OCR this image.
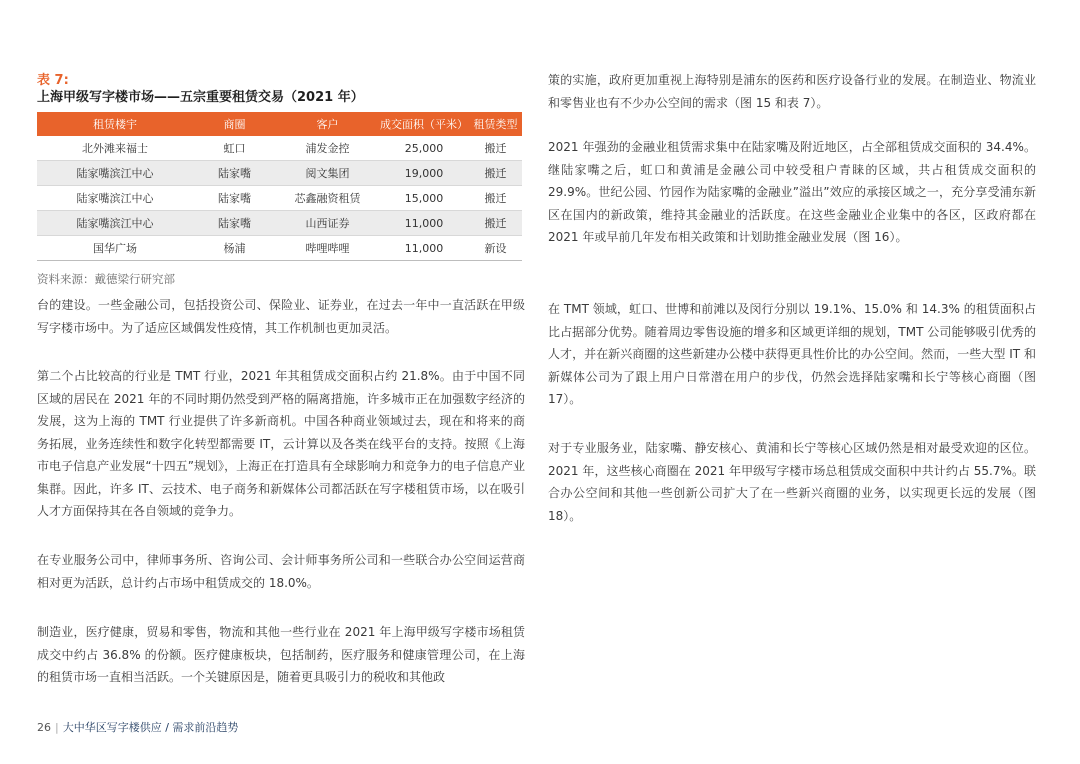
表 7:
上海甲级写字楼市场——五宗重要租赁交易（2021 年）
租赁楼宇	商圈	客户	成交面积（平米）	租赁类型
北外滩来福士	虹口	浦发金控	25,000	搬迁
陆家嘴滨江中心	陆家嘴	阅文集团	19,000	搬迁
陆家嘴滨江中心	陆家嘴	芯鑫融资租赁	15,000	搬迁
陆家嘴滨江中心	陆家嘴	山西证券	11,000	搬迁
国华广场	杨浦	哔哩哔哩	11,000	新设
资料来源：戴德梁行研究部

台的建设。一些金融公司，包括投资公司、保险业、证券业，在过去一年中一直活跃在甲级写字楼市场中。为了适应区域偶发性疫情，其工作机制也更加灵活。

第二个占比较高的行业是 TMT 行业，2021 年其租赁成交面积占约 21.8%。由于中国不同区域的居民在 2021 年的不同时期仍然受到严格的隔离措施，许多城市正在加强数字经济的发展，这为上海的 TMT 行业提供了许多新商机。中国各种商业领域过去，现在和将来的商务拓展，业务连续性和数字化转型都需要 IT，云计算以及各类在线平台的支持。按照《上海市电子信息产业发展“十四五”规划》，上海正在打造具有全球影响力和竞争力的电子信息产业集群。因此，许多 IT、云技术、电子商务和新媒体公司都活跃在写字楼租赁市场，以在吸引人才方面保持其在各自领域的竞争力。

在专业服务公司中，律师事务所、咨询公司、会计师事务所公司和一些联合办公空间运营商相对更为活跃，总计约占市场中租赁成交的 18.0%。

制造业，医疗健康，贸易和零售，物流和其他一些行业在 2021 年上海甲级写字楼市场租赁成交中约占 36.8% 的份额。医疗健康板块，包括制药，医疗服务和健康管理公司，在上海的租赁市场一直相当活跃。一个关键原因是，随着更具吸引力的税收和其他政

策的实施，政府更加重视上海特别是浦东的医药和医疗设备行业的发展。在制造业、物流业和零售业也有不少办公空间的需求（图 15 和表 7）。

2021 年强劲的金融业租赁需求集中在陆家嘴及附近地区，占全部租赁成交面积的 34.4%。继陆家嘴之后，虹口和黄浦是金融公司中较受租户青睐的区域，共占租赁成交面积的 29.9%。世纪公园、竹园作为陆家嘴的金融业”溢出”效应的承接区域之一，充分享受浦东新区在国内的新政策，维持其金融业的活跃度。在这些金融业企业集中的各区，区政府都在 2021 年或早前几年发布相关政策和计划助推金融业发展（图 16）。

在 TMT 领域，虹口、世博和前滩以及闵行分别以 19.1%、15.0% 和 14.3% 的租赁面积占比占据部分优势。随着周边零售设施的增多和区域更详细的规划，TMT 公司能够吸引优秀的人才，并在新兴商圈的这些新建办公楼中获得更具性价比的办公空间。然而，一些大型 IT 和新媒体公司为了跟上用户日常潜在用户的步伐，仍然会选择陆家嘴和长宁等核心商圈（图 17）。

对于专业服务业，陆家嘴、静安核心、黄浦和长宁等核心区域仍然是相对最受欢迎的区位。2021 年，这些核心商圈在 2021 年甲级写字楼市场总租赁成交面积中共计约占 55.7%。联合办公空间和其他一些创新公司扩大了在一些新兴商圈的业务，以实现更长远的发展（图 18）。

26 | 大中华区写字楼供应 / 需求前沿趋势
